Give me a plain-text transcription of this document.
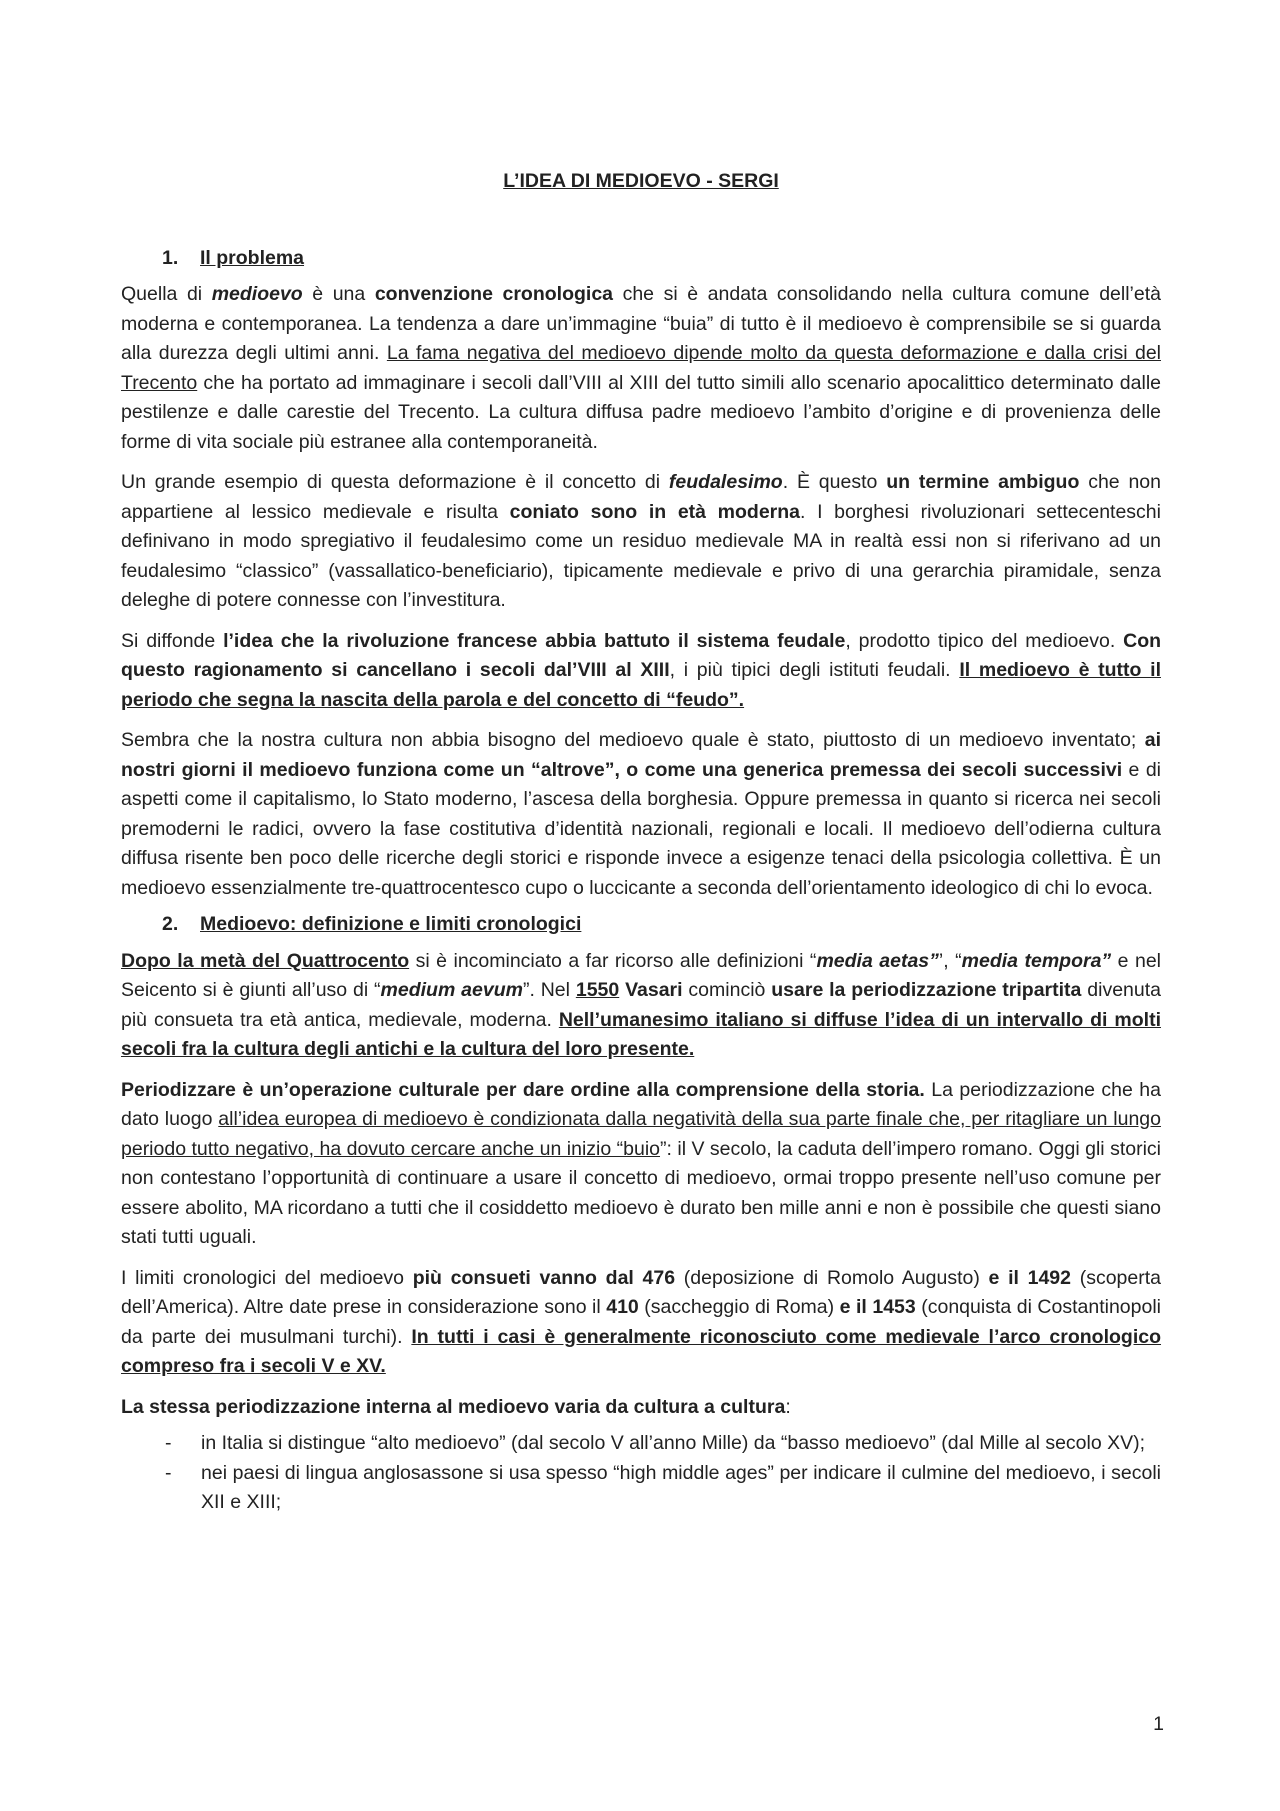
L’IDEA DI MEDIOEVO - SERGI
1.	Il problema

Quella di medioevo è una convenzione cronologica che si è andata consolidando nella cultura comune dell’età moderna e contemporanea. La tendenza a dare un’immagine “buia” di tutto è il medioevo è comprensibile se si guarda alla durezza degli ultimi anni. La fama negativa del medioevo dipende molto da questa deformazione e dalla crisi del Trecento che ha portato ad immaginare i secoli dall’VIII al XIII del tutto simili allo scenario apocalittico determinato dalle pestilenze e dalle carestie del Trecento. La cultura diffusa padre medioevo l’ambito d’origine e di provenienza delle forme di vita sociale più estranee alla contemporaneità.

Un grande esempio di questa deformazione è il concetto di feudalesimo. È questo un termine ambiguo che non appartiene al lessico medievale e risulta coniato sono in età moderna. I borghesi rivoluzionari settecenteschi definivano in modo spregiativo il feudalesimo come un residuo medievale MA in realtà essi non si riferivano ad un feudalesimo “classico” (vassallatico-beneficiario), tipicamente medievale e privo di una gerarchia piramidale, senza deleghe di potere connesse con l’investitura.

Si diffonde l’idea che la rivoluzione francese abbia battuto il sistema feudale, prodotto tipico del medioevo. Con questo ragionamento si cancellano i secoli dal’VIII al XIII, i più tipici degli istituti feudali. Il medioevo è tutto il periodo che segna la nascita della parola e del concetto di “feudo”.

Sembra che la nostra cultura non abbia bisogno del medioevo quale è stato, piuttosto di un medioevo inventato; ai nostri giorni il medioevo funziona come un “altrove”, o come una generica premessa dei secoli successivi e di aspetti come il capitalismo, lo Stato moderno, l’ascesa della borghesia. Oppure premessa in quanto si ricerca nei secoli premoderni le radici, ovvero la fase costitutiva d’identità nazionali, regionali e locali. Il medioevo dell’odierna cultura diffusa risente ben poco delle ricerche degli storici e risponde invece a esigenze tenaci della psicologia collettiva. È un medioevo essenzialmente tre-quattrocentesco cupo o luccicante a seconda dell’orientamento ideologico di chi lo evoca.

2.	Medioevo: definizione e limiti cronologici

Dopo la metà del Quattrocento si è incominciato a far ricorso alle definizioni “media aetas”’, “media tempora” e nel Seicento si è giunti all’uso di “medium aevum”. Nel 1550 Vasari cominciò usare la periodizzazione tripartita divenuta più consueta tra età antica, medievale, moderna. Nell’umanesimo italiano si diffuse l’idea di un intervallo di molti secoli fra la cultura degli antichi e la cultura del loro presente.

Periodizzare è un’operazione culturale per dare ordine alla comprensione della storia. La periodizzazione che ha dato luogo all’idea europea di medioevo è condizionata dalla negatività della sua parte finale che, per ritagliare un lungo periodo tutto negativo, ha dovuto cercare anche un inizio “buio”: il V secolo, la caduta dell’impero romano. Oggi gli storici non contestano l’opportunità di continuare a usare il concetto di medioevo, ormai troppo presente nell’uso comune per essere abolito, MA ricordano a tutti che il cosiddetto medioevo è durato ben mille anni e non è possibile che questi siano stati tutti uguali.

I limiti cronologici del medioevo più consueti vanno dal 476 (deposizione di Romolo Augusto) e il 1492 (scoperta dell’America). Altre date prese in considerazione sono il 410 (saccheggio di Roma) e il 1453 (conquista di Costantinopoli da parte dei musulmani turchi). In tutti i casi è generalmente riconosciuto come medievale l’arco cronologico compreso fra i secoli V e XV.

La stessa periodizzazione interna al medioevo varia da cultura a cultura:

- in Italia si distingue “alto medioevo” (dal secolo V all’anno Mille) da “basso medioevo” (dal Mille al secolo XV);
- nei paesi di lingua anglosassone si usa spesso “high middle ages” per indicare il culmine del medioevo, i secoli XII e XIII;
1
